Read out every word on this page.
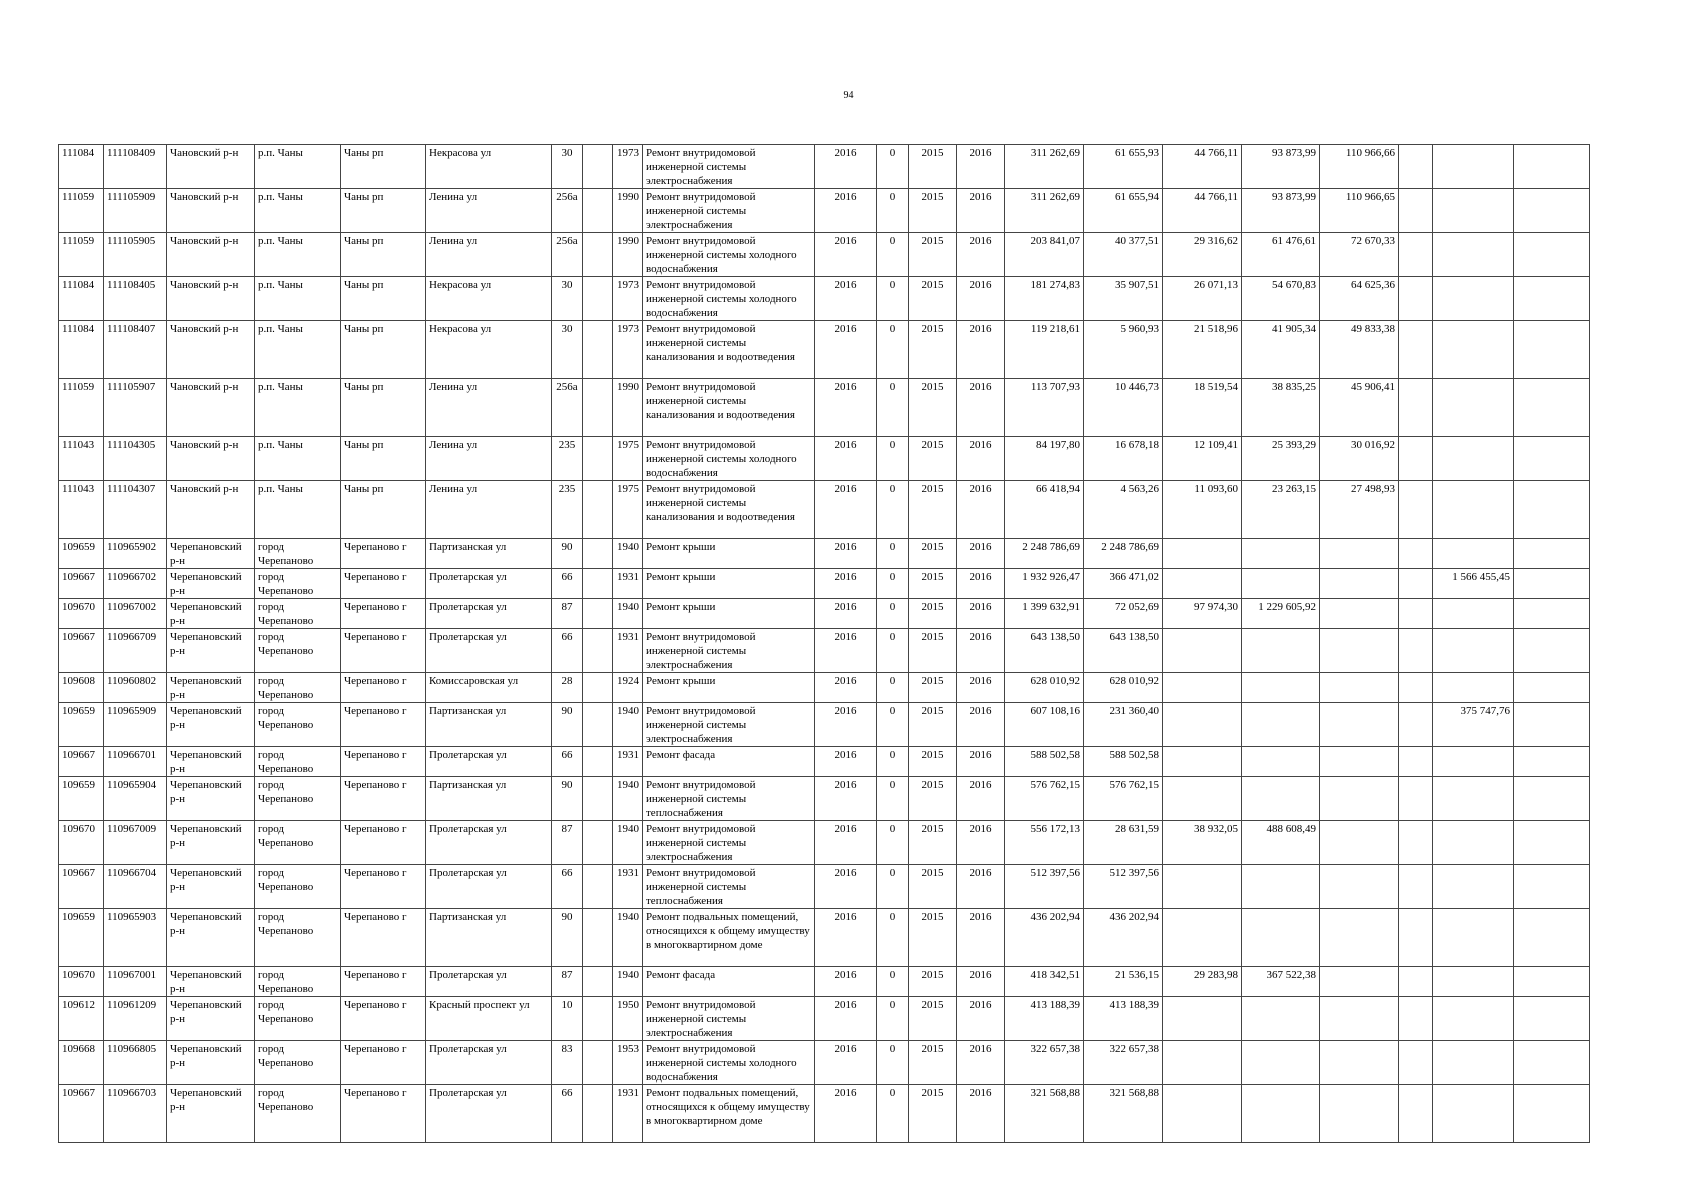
94
111084	111108409	Чановский р-н	р.п. Чаны	Чаны рп	Некрасова ул	30		1973	Ремонт внутридомовой инженерной системы электроснабжения	2016	0	2015	2016	311 262,69	61 655,93	44 766,11	93 873,99	110 966,66			
111059	111105909	Чановский р-н	р.п. Чаны	Чаны рп	Ленина ул	256а		1990	Ремонт внутридомовой инженерной системы электроснабжения	2016	0	2015	2016	311 262,69	61 655,94	44 766,11	93 873,99	110 966,65			
111059	111105905	Чановский р-н	р.п. Чаны	Чаны рп	Ленина ул	256а		1990	Ремонт внутридомовой инженерной системы холодного водоснабжения	2016	0	2015	2016	203 841,07	40 377,51	29 316,62	61 476,61	72 670,33			
111084	111108405	Чановский р-н	р.п. Чаны	Чаны рп	Некрасова ул	30		1973	Ремонт внутридомовой инженерной системы холодного водоснабжения	2016	0	2015	2016	181 274,83	35 907,51	26 071,13	54 670,83	64 625,36			
111084	111108407	Чановский р-н	р.п. Чаны	Чаны рп	Некрасова ул	30		1973	Ремонт внутридомовой инженерной системы канализования и водоотведения	2016	0	2015	2016	119 218,61	5 960,93	21 518,96	41 905,34	49 833,38			
111059	111105907	Чановский р-н	р.п. Чаны	Чаны рп	Ленина ул	256а		1990	Ремонт внутридомовой инженерной системы канализования и водоотведения	2016	0	2015	2016	113 707,93	10 446,73	18 519,54	38 835,25	45 906,41			
111043	111104305	Чановский р-н	р.п. Чаны	Чаны рп	Ленина ул	235		1975	Ремонт внутридомовой инженерной системы холодного водоснабжения	2016	0	2015	2016	84 197,80	16 678,18	12 109,41	25 393,29	30 016,92			
111043	111104307	Чановский р-н	р.п. Чаны	Чаны рп	Ленина ул	235		1975	Ремонт внутридомовой инженерной системы канализования и водоотведения	2016	0	2015	2016	66 418,94	4 563,26	11 093,60	23 263,15	27 498,93			
109659	110965902	Черепановский р-н	город Черепаново	Черепаново г	Партизанская ул	90		1940	Ремонт крыши	2016	0	2015	2016	2 248 786,69	2 248 786,69						
109667	110966702	Черепановский р-н	город Черепаново	Черепаново г	Пролетарская ул	66		1931	Ремонт крыши	2016	0	2015	2016	1 932 926,47	366 471,02					1 566 455,45	
109670	110967002	Черепановский р-н	город Черепаново	Черепаново г	Пролетарская ул	87		1940	Ремонт крыши	2016	0	2015	2016	1 399 632,91	72 052,69	97 974,30	1 229 605,92				
109667	110966709	Черепановский р-н	город Черепаново	Черепаново г	Пролетарская ул	66		1931	Ремонт внутридомовой инженерной системы электроснабжения	2016	0	2015	2016	643 138,50	643 138,50						
109608	110960802	Черепановский р-н	город Черепаново	Черепаново г	Комиссаровская ул	28		1924	Ремонт крыши	2016	0	2015	2016	628 010,92	628 010,92						
109659	110965909	Черепановский р-н	город Черепаново	Черепаново г	Партизанская ул	90		1940	Ремонт внутридомовой инженерной системы электроснабжения	2016	0	2015	2016	607 108,16	231 360,40					375 747,76	
109667	110966701	Черепановский р-н	город Черепаново	Черепаново г	Пролетарская ул	66		1931	Ремонт фасада	2016	0	2015	2016	588 502,58	588 502,58						
109659	110965904	Черепановский р-н	город Черепаново	Черепаново г	Партизанская ул	90		1940	Ремонт внутридомовой инженерной системы теплоснабжения	2016	0	2015	2016	576 762,15	576 762,15						
109670	110967009	Черепановский р-н	город Черепаново	Черепаново г	Пролетарская ул	87		1940	Ремонт внутридомовой инженерной системы электроснабжения	2016	0	2015	2016	556 172,13	28 631,59	38 932,05	488 608,49				
109667	110966704	Черепановский р-н	город Черепаново	Черепаново г	Пролетарская ул	66		1931	Ремонт внутридомовой инженерной системы теплоснабжения	2016	0	2015	2016	512 397,56	512 397,56						
109659	110965903	Черепановский р-н	город Черепаново	Черепаново г	Партизанская ул	90		1940	Ремонт подвальных помещений, относящихся к общему имуществу в многоквартирном доме	2016	0	2015	2016	436 202,94	436 202,94						
109670	110967001	Черепановский р-н	город Черепаново	Черепаново г	Пролетарская ул	87		1940	Ремонт фасада	2016	0	2015	2016	418 342,51	21 536,15	29 283,98	367 522,38				
109612	110961209	Черепановский р-н	город Черепаново	Черепаново г	Красный проспект ул	10		1950	Ремонт внутридомовой инженерной системы электроснабжения	2016	0	2015	2016	413 188,39	413 188,39						
109668	110966805	Черепановский р-н	город Черепаново	Черепаново г	Пролетарская ул	83		1953	Ремонт внутридомовой инженерной системы холодного водоснабжения	2016	0	2015	2016	322 657,38	322 657,38						
109667	110966703	Черепановский р-н	город Черепаново	Черепаново г	Пролетарская ул	66		1931	Ремонт подвальных помещений, относящихся к общему имуществу в многоквартирном доме	2016	0	2015	2016	321 568,88	321 568,88						
